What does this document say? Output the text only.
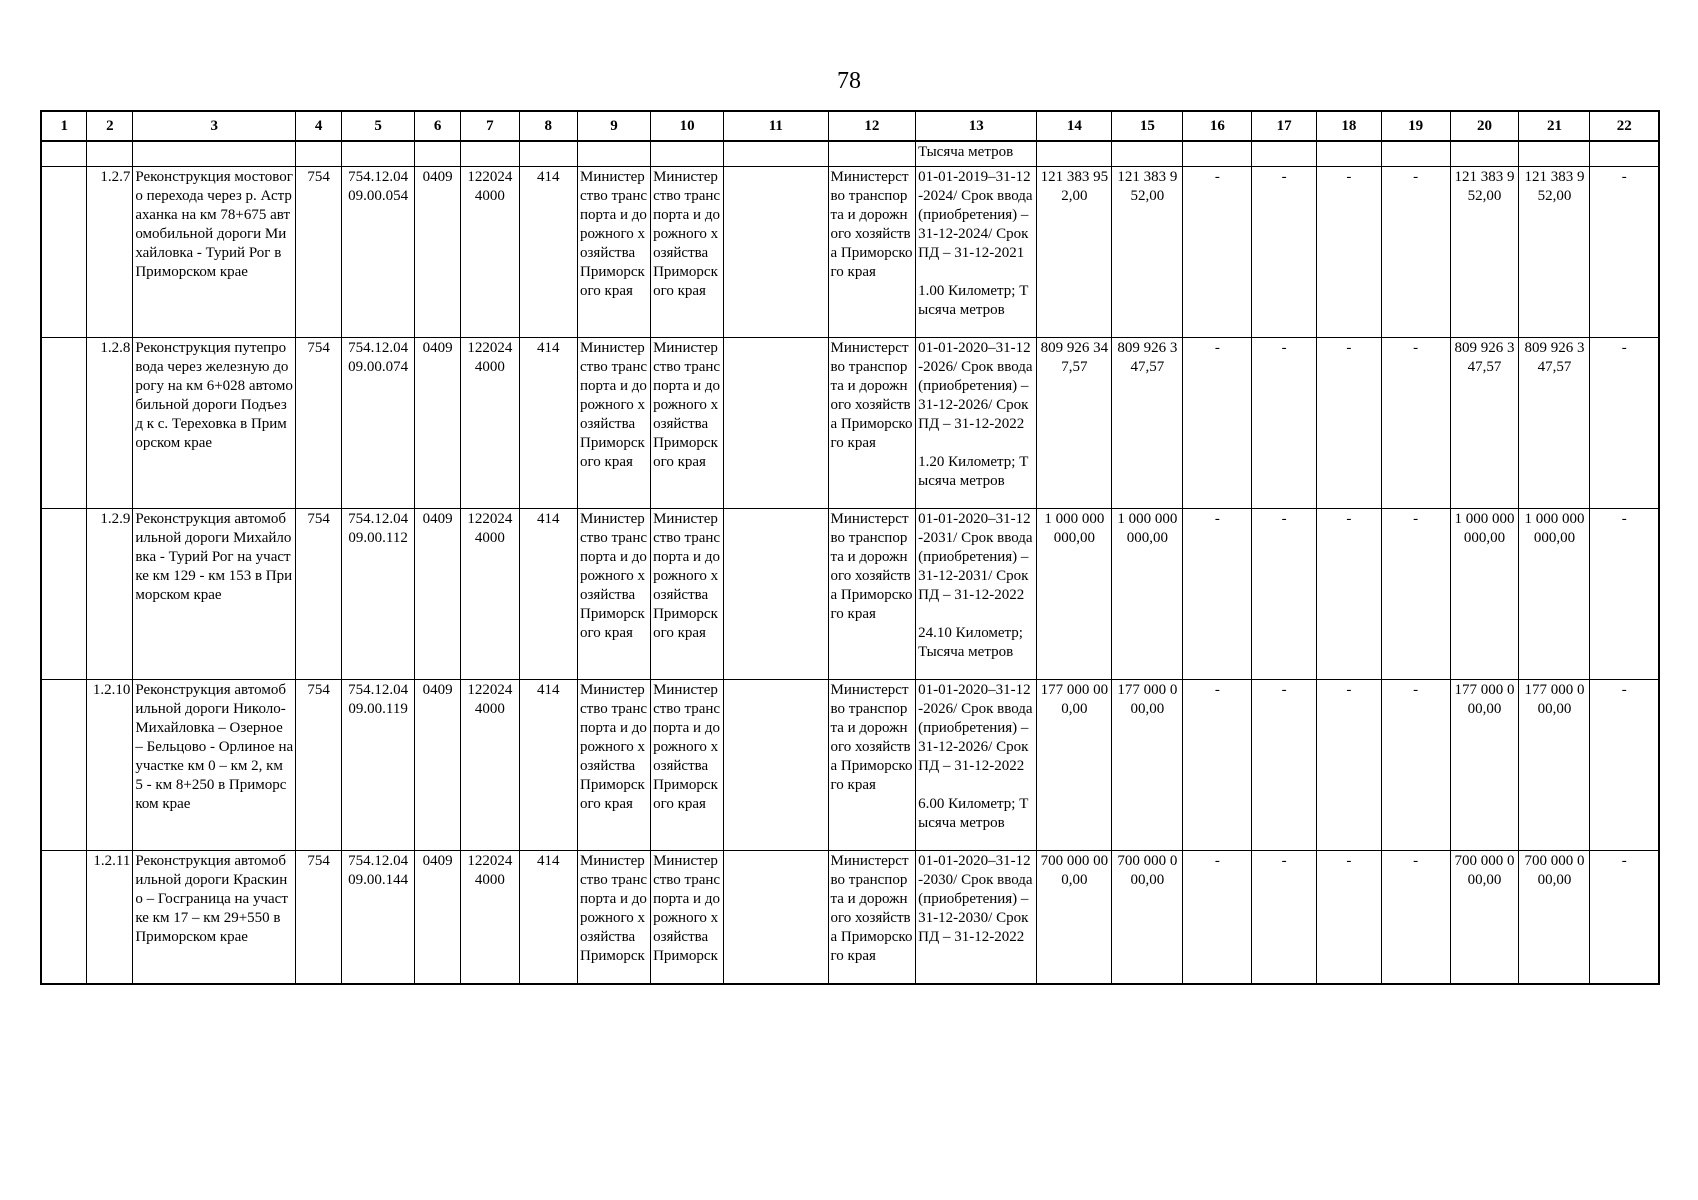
78
1	2	3	4	5	6	7	8	9	10	11	12	13	14	15	16	17	18	19	20	21	22
												Тысяча метров									
	1.2.7	Реконструкция мостового перехода через р. Астраханка на км 78+675 автомобильной дороги Михайловка - Турий Рог в Приморском крае	754	754.12.04
09.00.054	0409	122024
4000	414	Министерство транспорта и дорожного хозяйства Приморского края	Министерство транспорта и дорожного хозяйства Приморского края		Министерство транспорта и дорожного хозяйства Приморского края	01-01-2019–31-12-2024/ Срок ввода (приобретения) – 31-12-2024/ Срок ПД – 31-12-2021

1.00 Километр; Тысяча метров	121 383 952,00	121 383 952,00	-	-	-	-	121 383 952,00	121 383 952,00	-
	1.2.8	Реконструкция путепровода через железную дорогу на км 6+028 автомобильной дороги Подъезд к с. Тереховка в Приморском крае	754	754.12.04
09.00.074	0409	122024
4000	414	Министерство транспорта и дорожного хозяйства Приморского края	Министерство транспорта и дорожного хозяйства Приморского края		Министерство транспорта и дорожного хозяйства Приморского края	01-01-2020–31-12-2026/ Срок ввода (приобретения) – 31-12-2026/ Срок ПД – 31-12-2022

1.20 Километр; Тысяча метров	809 926 347,57	809 926 347,57	-	-	-	-	809 926 347,57	809 926 347,57	-
	1.2.9	Реконструкция автомобильной дороги Михайловка - Турий Рог на участке км 129 - км 153 в Приморском крае	754	754.12.04
09.00.112	0409	122024
4000	414	Министерство транспорта и дорожного хозяйства Приморского края	Министерство транспорта и дорожного хозяйства Приморского края		Министерство транспорта и дорожного хозяйства Приморского края	01-01-2020–31-12-2031/ Срок ввода (приобретения) – 31-12-2031/ Срок ПД – 31-12-2022

24.10 Километр; Тысяча метров	1 000 000 000,00	1 000 000 000,00	-	-	-	-	1 000 000 000,00	1 000 000 000,00	-
	1.2.10	Реконструкция автомобильной дороги Николо-Михайловка – Озерное – Бельцово - Орлиное на участке км 0 – км 2, км 5 - км 8+250 в Приморском крае	754	754.12.04
09.00.119	0409	122024
4000	414	Министерство транспорта и дорожного хозяйства Приморского края	Министерство транспорта и дорожного хозяйства Приморского края		Министерство транспорта и дорожного хозяйства Приморского края	01-01-2020–31-12-2026/ Срок ввода (приобретения) – 31-12-2026/ Срок ПД – 31-12-2022

6.00 Километр; Тысяча метров	177 000 000,00	177 000 000,00	-	-	-	-	177 000 000,00	177 000 000,00	-
	1.2.11	Реконструкция автомобильной дороги Краскино – Госграница на участке км 17 – км 29+550 в Приморском крае	754	754.12.04
09.00.144	0409	122024
4000	414	Министерство транспорта и дорожного хозяйства Приморск	Министерство транспорта и дорожного хозяйства Приморск		Министерство транспорта и дорожного хозяйства Приморского края	01-01-2020–31-12-2030/ Срок ввода (приобретения) – 31-12-2030/ Срок ПД – 31-12-2022	700 000 000,00	700 000 000,00	-	-	-	-	700 000 000,00	700 000 000,00	-
